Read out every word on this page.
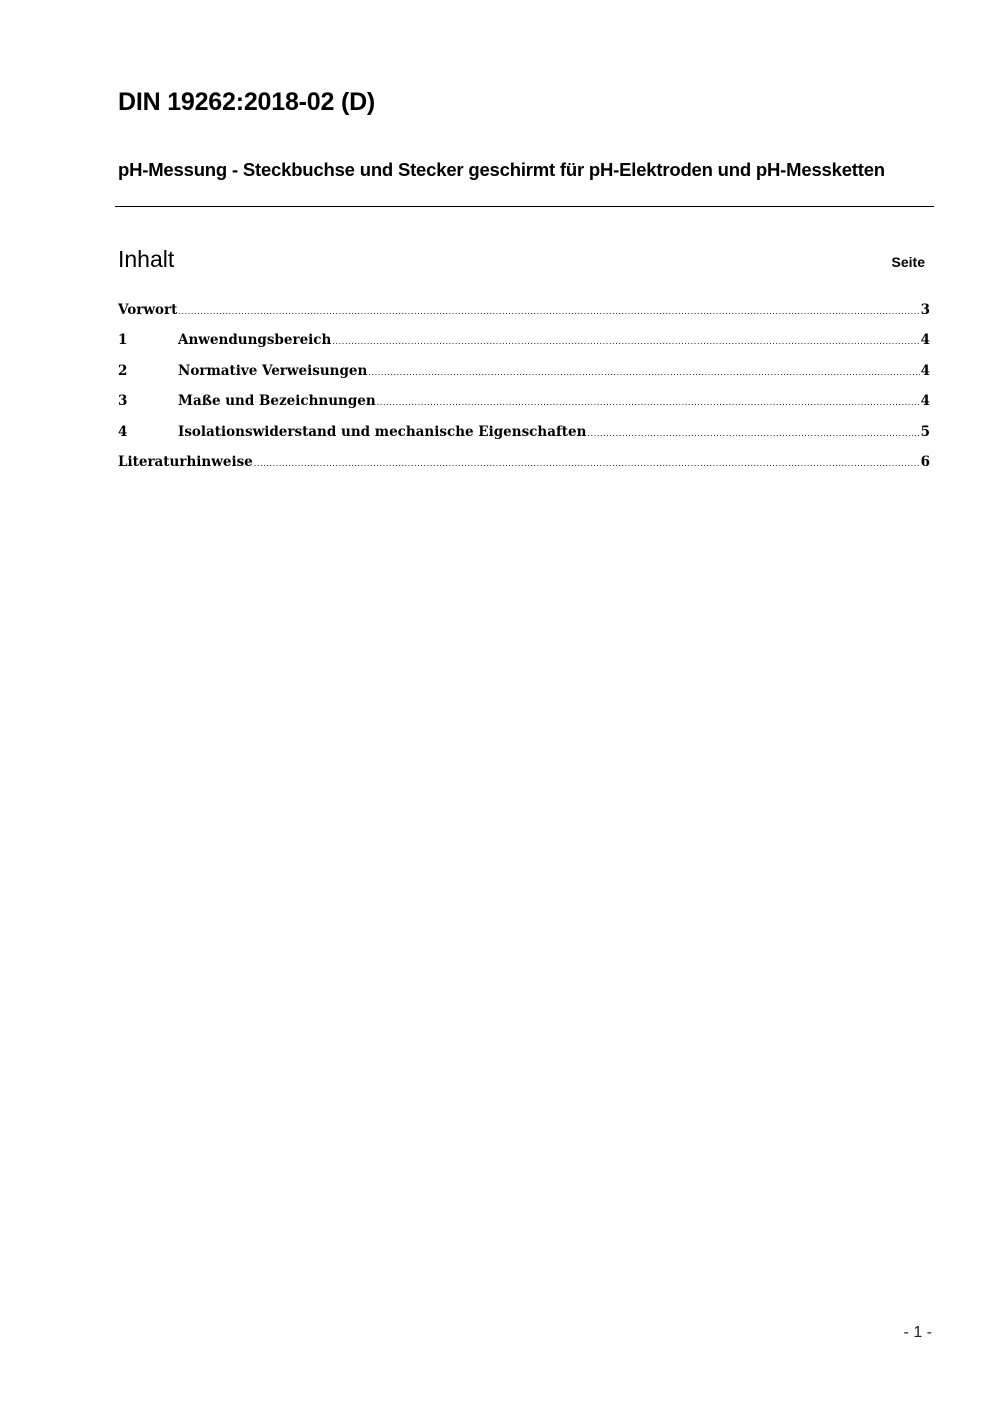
DIN 19262:2018-02 (D)
pH-Messung - Steckbuchse und Stecker geschirmt für pH-Elektroden und pH-Messketten
Inhalt	Seite
Vorwort .....	3
1	Anwendungsbereich .....	4
2	Normative Verweisungen .....	4
3	Maße und Bezeichnungen .....	4
4	Isolationswiderstand und mechanische Eigenschaften .....	5
Literaturhinweise .....	6
- 1 -
